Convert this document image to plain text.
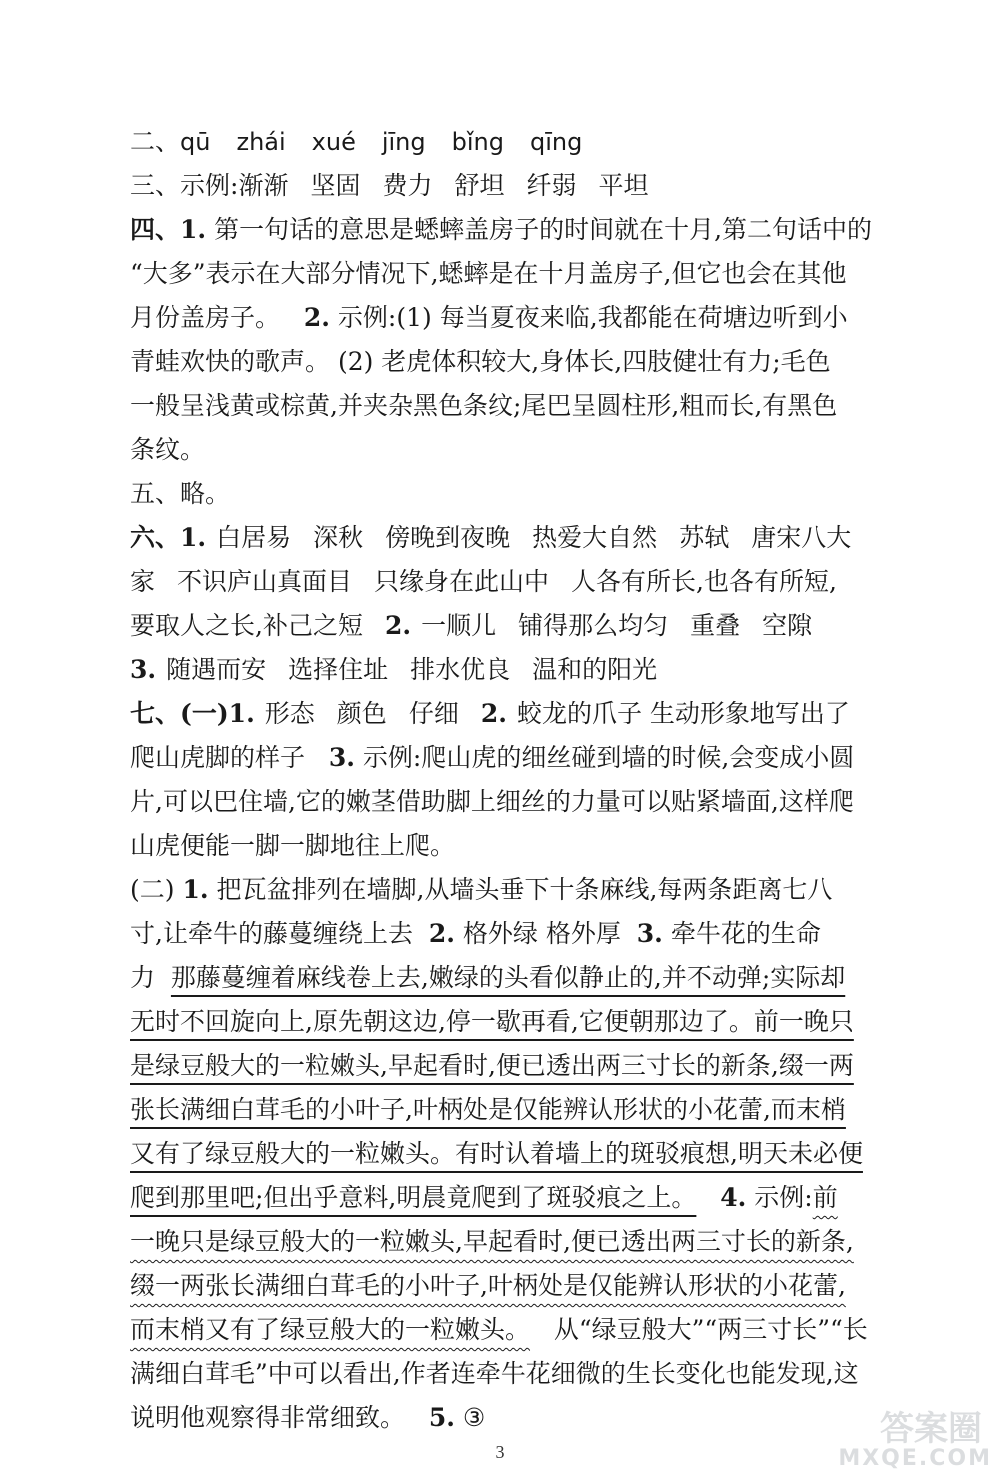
二、qū zhái xué jīng bǐng qīng
三、示例:渐渐 坚固 费力 舒坦 纤弱 平坦
四、1. 第一句话的意思是蟋蟀盖房子的时间就在十月,第二句话中的
“大多”表示在大部分情况下,蟋蟀是在十月盖房子,但它也会在其他
月份盖房子。 2. 示例:(1) 每当夏夜来临,我都能在荷塘边听到小
青蛙欢快的歌声。 (2) 老虎体积较大,身体长,四肢健壮有力;毛色
一般呈浅黄或棕黄,并夹杂黑色条纹;尾巴呈圆柱形,粗而长,有黑色
条纹。
五、略。
六、1. 白居易 深秋 傍晚到夜晚 热爱大自然 苏轼 唐宋八大
家 不识庐山真面目 只缘身在此山中 人各有所长,也各有所短,
要取人之长,补己之短 2. 一顺儿 铺得那么均匀 重叠 空隙
3. 随遇而安 选择住址 排水优良 温和的阳光
七、(一)1. 形态 颜色 仔细 2. 蛟龙的爪子 生动形象地写出了
爬山虎脚的样子 3. 示例:爬山虎的细丝碰到墙的时候,会变成小圆
片,可以巴住墙,它的嫩茎借助脚上细丝的力量可以贴紧墙面,这样爬
山虎便能一脚一脚地往上爬。
(二) 1. 把瓦盆排列在墙脚,从墙头垂下十条麻线,每两条距离七八
寸,让牵牛的藤蔓缠绕上去 2. 格外绿 格外厚 3. 牵牛花的生命
力 那藤蔓缠着麻线卷上去,嫩绿的头看似静止的,并不动弹;实际却
无时不回旋向上,原先朝这边,停一歇再看,它便朝那边了。前一晚只
是绿豆般大的一粒嫩头,早起看时,便已透出两三寸长的新条,缀一两
张长满细白茸毛的小叶子,叶柄处是仅能辨认形状的小花蕾,而末梢
又有了绿豆般大的一粒嫩头。有时认着墙上的斑驳痕想,明天未必便
爬到那里吧;但出乎意料,明晨竟爬到了斑驳痕之上。 4. 示例:前
一晚只是绿豆般大的一粒嫩头,早起看时,便已透出两三寸长的新条,
缀一两张长满细白茸毛的小叶子,叶柄处是仅能辨认形状的小花蕾,
而末梢又有了绿豆般大的一粒嫩头。 从“绿豆般大”“两三寸长”“长
满细白茸毛”中可以看出,作者连牵牛花细微的生长变化也能发现,这
说明他观察得非常细致。 5. ③
3
答案圈
MXQE.COM
